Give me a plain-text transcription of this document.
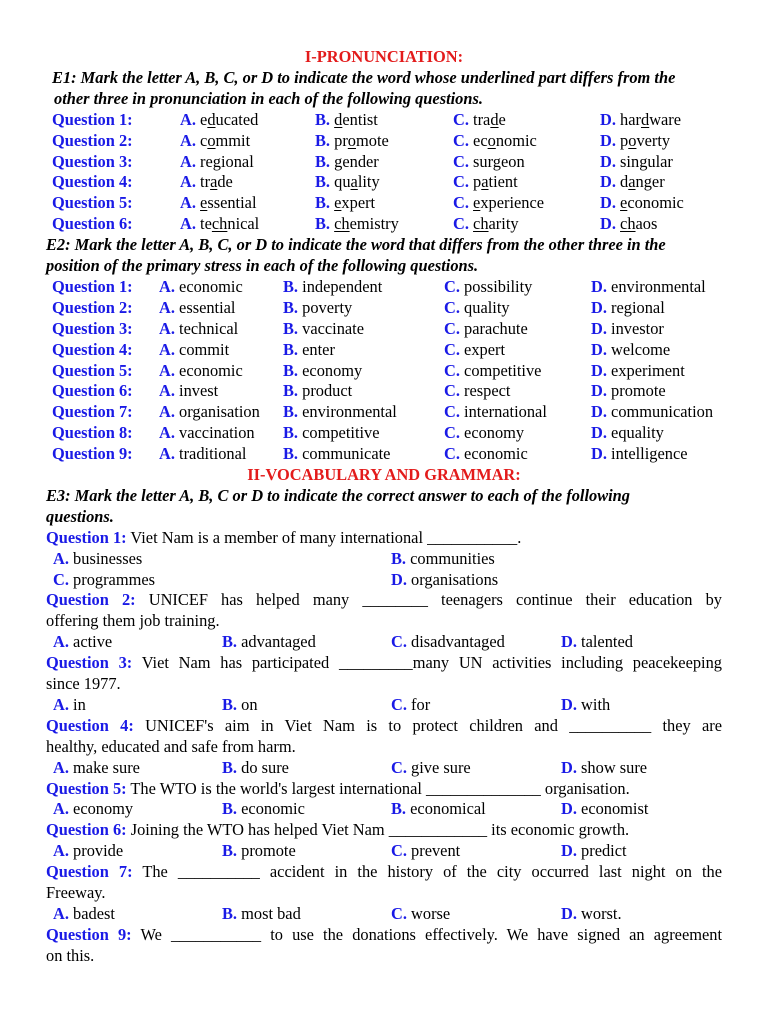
I-PRONUNCIATION:
E1: Mark the letter A, B, C, or D to indicate the word whose underlined part differs from the
other three in pronunciation in each of the following questions.
Question 1:	A. educated	B. dentist	C. trade	D. hardware
Question 2:	A. commit	B. promote	C. economic	D. poverty
Question 3:	A. regional	B. gender	C. surgeon	D. singular
Question 4:	A. trade	B. quality	C. patient	D. danger
Question 5:	A. essential	B. expert	C. experience	D. economic
Question 6:	A. technical	B. chemistry	C. charity	D. chaos
E2: Mark the letter A, B, C, or D to indicate the word that differs from the other three in the
position of the primary stress in each of the following questions.
Question 1: A. economic B. independent	C. possibility	D. environmental
Question 2: A. essential	B. poverty	C. quality	D. regional
Question 3: A. technical	B. vaccinate	C. parachute	D. investor
Question 4: A. commit	B. enter	C. expert	D. welcome
Question 5: A. economic B. economy	C. competitive	D. experiment
Question 6: A. invest	B. product	C. respect	D. promote
Question 7: A. organisation B. environmental	C. international	D. communication
Question 8: A. vaccination B. competitive	C. economy	D. equality
Question 9: A. traditional B. communicate	C. economic	D. intelligence
II-VOCABULARY AND GRAMMAR:
E3: Mark the letter A, B, C or D to indicate the correct answer to each of the following
questions.
Question 1: Viet Nam is a member of many international ___________.
A. businesses	B. communities
C. programmes	D. organisations
Question 2: UNICEF has helped many ________ teenagers continue their education by
offering them job training.
A. active	B. advantaged	C. disadvantaged	D. talented
Question 3: Viet Nam has participated _________many UN activities including peacekeeping
since 1977.
A. in	B. on	C. for	D. with
Question 4: UNICEF's aim in Viet Nam is to protect children and __________ they are
healthy, educated and safe from harm.
A. make sure	B. do sure	C. give sure	D. show sure
Question 5: The WTO is the world's largest international ______________ organisation.
A. economy	B. economic	B. economical	D. economist
Question 6: Joining the WTO has helped Viet Nam ____________ its economic growth.
A. provide	B. promote	C. prevent	D. predict
Question 7: The __________ accident in the history of the city occurred last night on the
Freeway.
A. badest	B. most bad	C. worse	D. worst.
Question 9: We ___________ to use the donations effectively. We have signed an agreement
on this.
